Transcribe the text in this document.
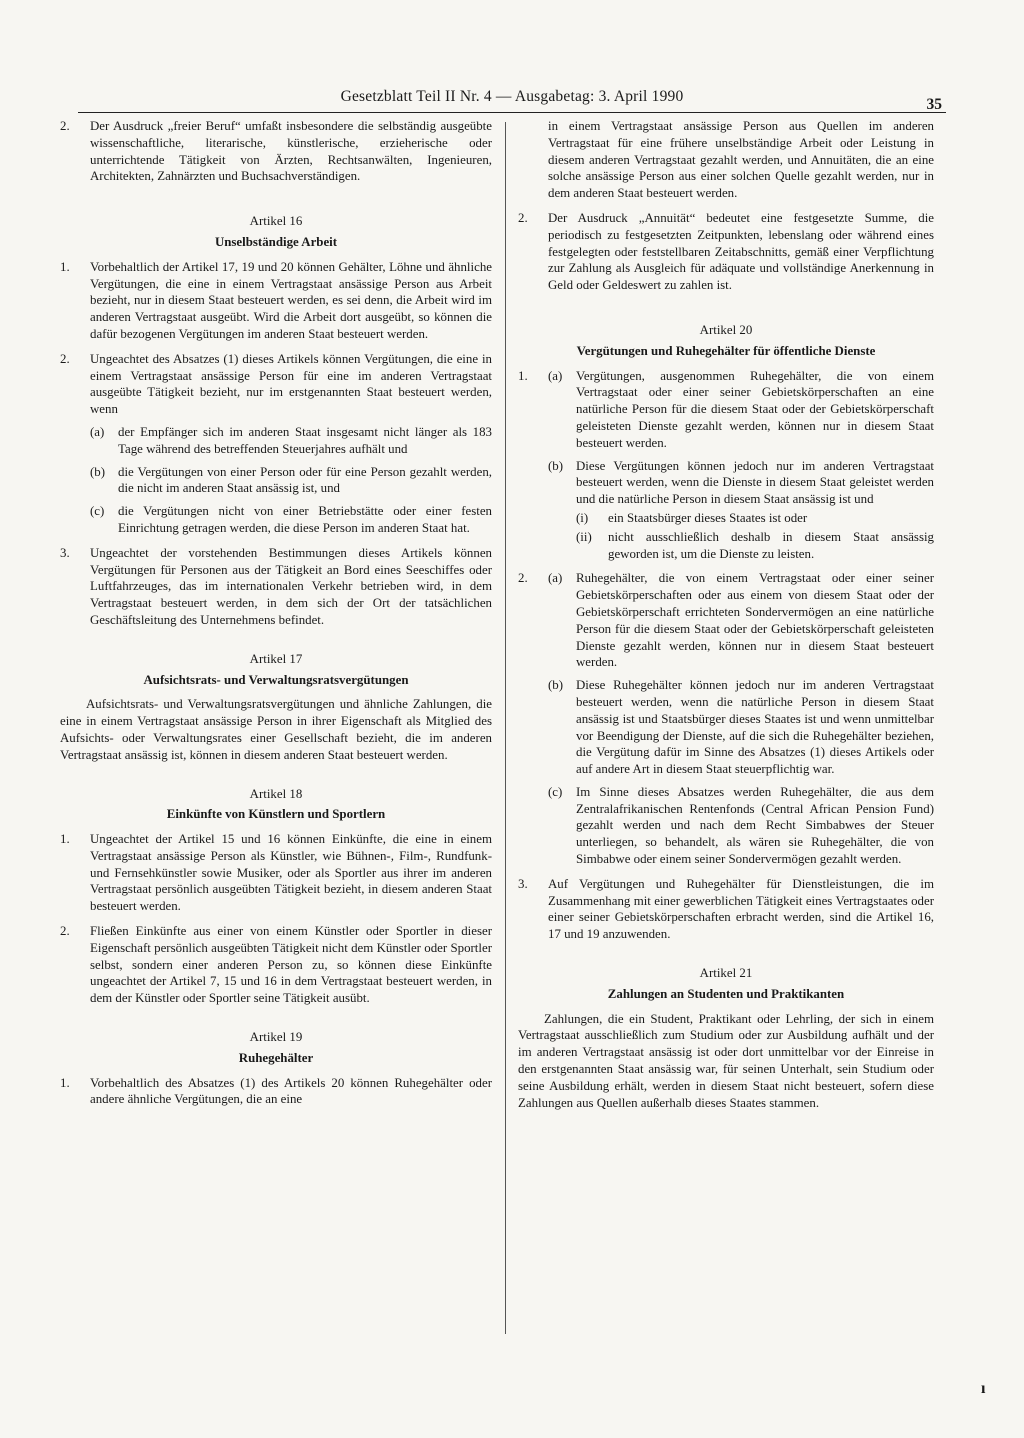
Gesetzblatt Teil II Nr. 4 — Ausgabetag: 3. April 1990	35
2. Der Ausdruck „freier Beruf“ umfaßt insbesondere die selbständig ausgeübte wissenschaftliche, literarische, künstlerische, erzieherische oder unterrichtende Tätigkeit von Ärzten, Rechtsanwälten, Ingenieuren, Architekten, Zahnärzten und Buchsachverständigen.
Artikel 16
Unselbständige Arbeit
1. Vorbehaltlich der Artikel 17, 19 und 20 können Gehälter, Löhne und ähnliche Vergütungen, die eine in einem Vertragstaat ansässige Person aus Arbeit bezieht, nur in diesem Staat besteuert werden, es sei denn, die Arbeit wird im anderen Vertragstaat ausgeübt. Wird die Arbeit dort ausgeübt, so können die dafür bezogenen Vergütungen im anderen Staat besteuert werden.
2. Ungeachtet des Absatzes (1) dieses Artikels können Vergütungen, die eine in einem Vertragstaat ansässige Person für eine im anderen Vertragstaat ausgeübte Tätigkeit bezieht, nur im erstgenannten Staat besteuert werden, wenn
(a) der Empfänger sich im anderen Staat insgesamt nicht länger als 183 Tage während des betreffenden Steuerjahres aufhält und
(b) die Vergütungen von einer Person oder für eine Person gezahlt werden, die nicht im anderen Staat ansässig ist, und
(c) die Vergütungen nicht von einer Betriebstätte oder einer festen Einrichtung getragen werden, die diese Person im anderen Staat hat.
3. Ungeachtet der vorstehenden Bestimmungen dieses Artikels können Vergütungen für Personen aus der Tätigkeit an Bord eines Seeschiffes oder Luftfahrzeuges, das im internationalen Verkehr betrieben wird, in dem Vertragstaat besteuert werden, in dem sich der Ort der tatsächlichen Geschäftsleitung des Unternehmens befindet.
Artikel 17
Aufsichtsrats- und Verwaltungsratsvergütungen
Aufsichtsrats- und Verwaltungsratsvergütungen und ähnliche Zahlungen, die eine in einem Vertragstaat ansässige Person in ihrer Eigenschaft als Mitglied des Aufsichts- oder Verwaltungsrates einer Gesellschaft bezieht, die im anderen Vertragstaat ansässig ist, können in diesem anderen Staat besteuert werden.
Artikel 18
Einkünfte von Künstlern und Sportlern
1. Ungeachtet der Artikel 15 und 16 können Einkünfte, die eine in einem Vertragstaat ansässige Person als Künstler, wie Bühnen-, Film-, Rundfunk- und Fernsehkünstler sowie Musiker, oder als Sportler aus ihrer im anderen Vertragstaat persönlich ausgeübten Tätigkeit bezieht, in diesem anderen Staat besteuert werden.
2. Fließen Einkünfte aus einer von einem Künstler oder Sportler in dieser Eigenschaft persönlich ausgeübten Tätigkeit nicht dem Künstler oder Sportler selbst, sondern einer anderen Person zu, so können diese Einkünfte ungeachtet der Artikel 7, 15 und 16 in dem Vertragstaat besteuert werden, in dem der Künstler oder Sportler seine Tätigkeit ausübt.
Artikel 19
Ruhegehälter
1. Vorbehaltlich des Absatzes (1) des Artikels 20 können Ruhegehälter oder andere ähnliche Vergütungen, die an eine
in einem Vertragstaat ansässige Person aus Quellen im anderen Vertragstaat für eine frühere unselbständige Arbeit oder Leistung in diesem anderen Vertragstaat gezahlt werden, und Annuitäten, die an eine solche ansässige Person aus einer solchen Quelle gezahlt werden, nur in dem anderen Staat besteuert werden.
2. Der Ausdruck „Annuität“ bedeutet eine festgesetzte Summe, die periodisch zu festgesetzten Zeitpunkten, lebenslang oder während eines festgelegten oder feststellbaren Zeitabschnitts, gemäß einer Verpflichtung zur Zahlung als Ausgleich für adäquate und vollständige Anerkennung in Geld oder Geldeswert zu zahlen ist.
Artikel 20
Vergütungen und Ruhegehälter für öffentliche Dienste
1. (a) Vergütungen, ausgenommen Ruhegehälter, die von einem Vertragstaat oder einer seiner Gebietskörperschaften an eine natürliche Person für die diesem Staat oder der Gebietskörperschaft geleisteten Dienste gezahlt werden, können nur in diesem Staat besteuert werden.
(b) Diese Vergütungen können jedoch nur im anderen Vertragstaat besteuert werden, wenn die Dienste in diesem Staat geleistet werden und die natürliche Person in diesem Staat ansässig ist und
(i) ein Staatsbürger dieses Staates ist oder
(ii) nicht ausschließlich deshalb in diesem Staat ansässig geworden ist, um die Dienste zu leisten.
2. (a) Ruhegehälter, die von einem Vertragstaat oder einer seiner Gebietskörperschaften oder aus einem von diesem Staat oder der Gebietskörperschaft errichteten Sondervermögen an eine natürliche Person für die diesem Staat oder der Gebietskörperschaft geleisteten Dienste gezahlt werden, können nur in diesem Staat besteuert werden.
(b) Diese Ruhegehälter können jedoch nur im anderen Vertragstaat besteuert werden, wenn die natürliche Person in diesem Staat ansässig ist und Staatsbürger dieses Staates ist und wenn unmittelbar vor Beendigung der Dienste, auf die sich die Ruhegehälter beziehen, die Vergütung dafür im Sinne des Absatzes (1) dieses Artikels oder auf andere Art in diesem Staat steuerpflichtig war.
(c) Im Sinne dieses Absatzes werden Ruhegehälter, die aus dem Zentralafrikanischen Rentenfonds (Central African Pension Fund) gezahlt werden und nach dem Recht Simbabwes der Steuer unterliegen, so behandelt, als wären sie Ruhegehälter, die von Simbabwe oder einem seiner Sondervermögen gezahlt werden.
3. Auf Vergütungen und Ruhegehälter für Dienstleistungen, die im Zusammenhang mit einer gewerblichen Tätigkeit eines Vertragstaates oder einer seiner Gebietskörperschaften erbracht werden, sind die Artikel 16, 17 und 19 anzuwenden.
Artikel 21
Zahlungen an Studenten und Praktikanten
Zahlungen, die ein Student, Praktikant oder Lehrling, der sich in einem Vertragstaat ausschließlich zum Studium oder zur Ausbildung aufhält und der im anderen Vertragstaat ansässig ist oder dort unmittelbar vor der Einreise in den erstgenannten Staat ansässig war, für seinen Unterhalt, sein Studium oder seine Ausbildung erhält, werden in diesem Staat nicht besteuert, sofern diese Zahlungen aus Quellen außerhalb dieses Staates stammen.
ı
